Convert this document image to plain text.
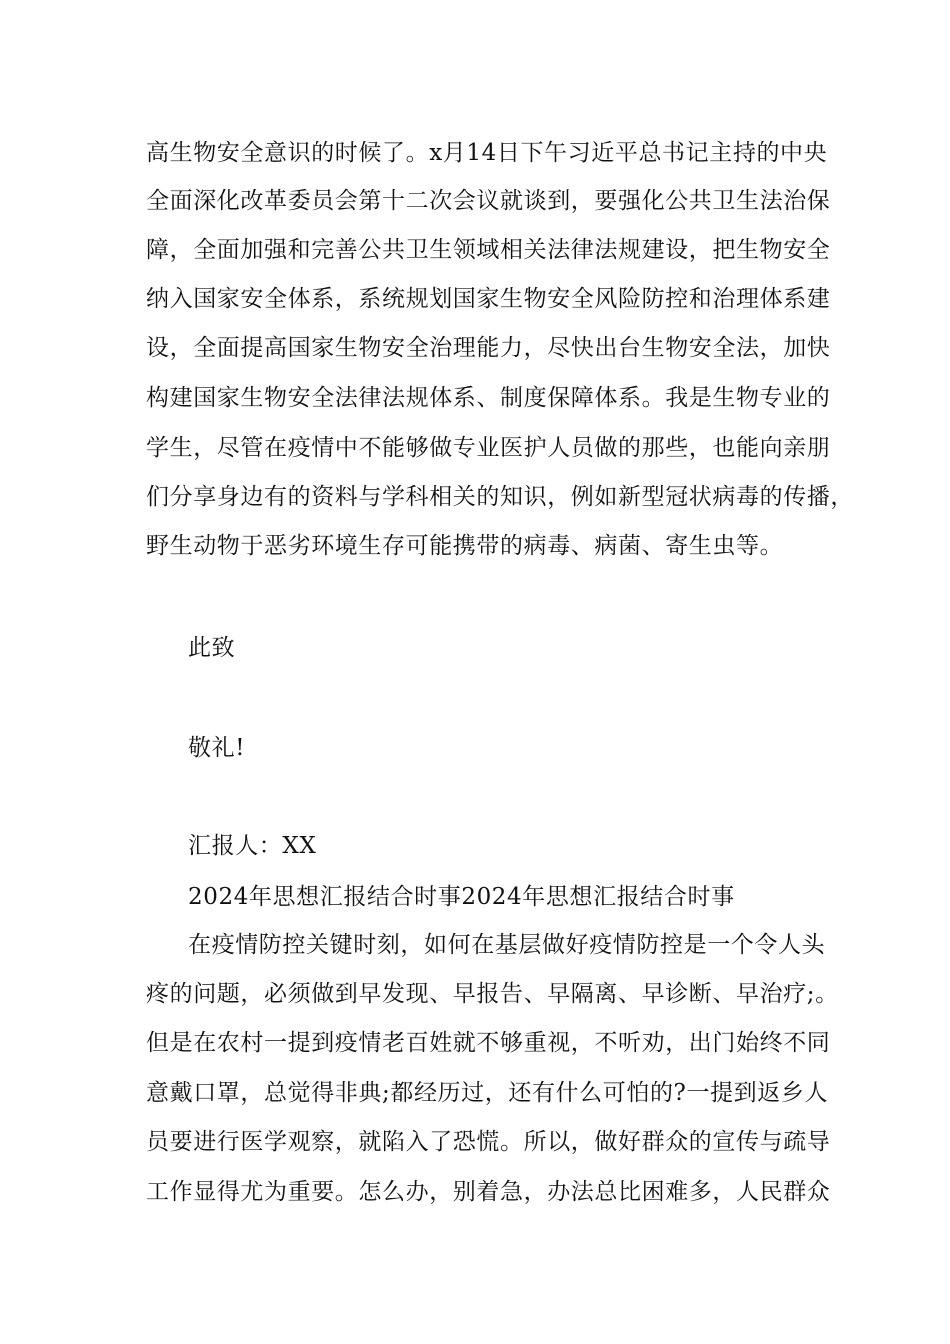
高生物安全意识的时候了。x月14日下午习近平总书记主持的中央
全面深化改革委员会第十二次会议就谈到，要强化公共卫生法治保
障，全面加强和完善公共卫生领域相关法律法规建设，把生物安全
纳入国家安全体系，系统规划国家生物安全风险防控和治理体系建
设，全面提高国家生物安全治理能力，尽快出台生物安全法，加快
构建国家生物安全法律法规体系、制度保障体系。我是生物专业的
学生，尽管在疫情中不能够做专业医护人员做的那些，也能向亲朋
们分享身边有的资料与学科相关的知识，例如新型冠状病毒的传播，
野生动物于恶劣环境生存可能携带的病毒、病菌、寄生虫等。
此致
敬礼!
汇报人：XX
2024年思想汇报结合时事2024年思想汇报结合时事
在疫情防控关键时刻，如何在基层做好疫情防控是一个令人头
疼的问题，必须做到早发现、早报告、早隔离、早诊断、早治疗;。
但是在农村一提到疫情老百姓就不够重视，不听劝，出门始终不同
意戴口罩，总觉得非典;都经历过，还有什么可怕的?一提到返乡人
员要进行医学观察，就陷入了恐慌。所以，做好群众的宣传与疏导
工作显得尤为重要。怎么办，别着急，办法总比困难多，人民群众
